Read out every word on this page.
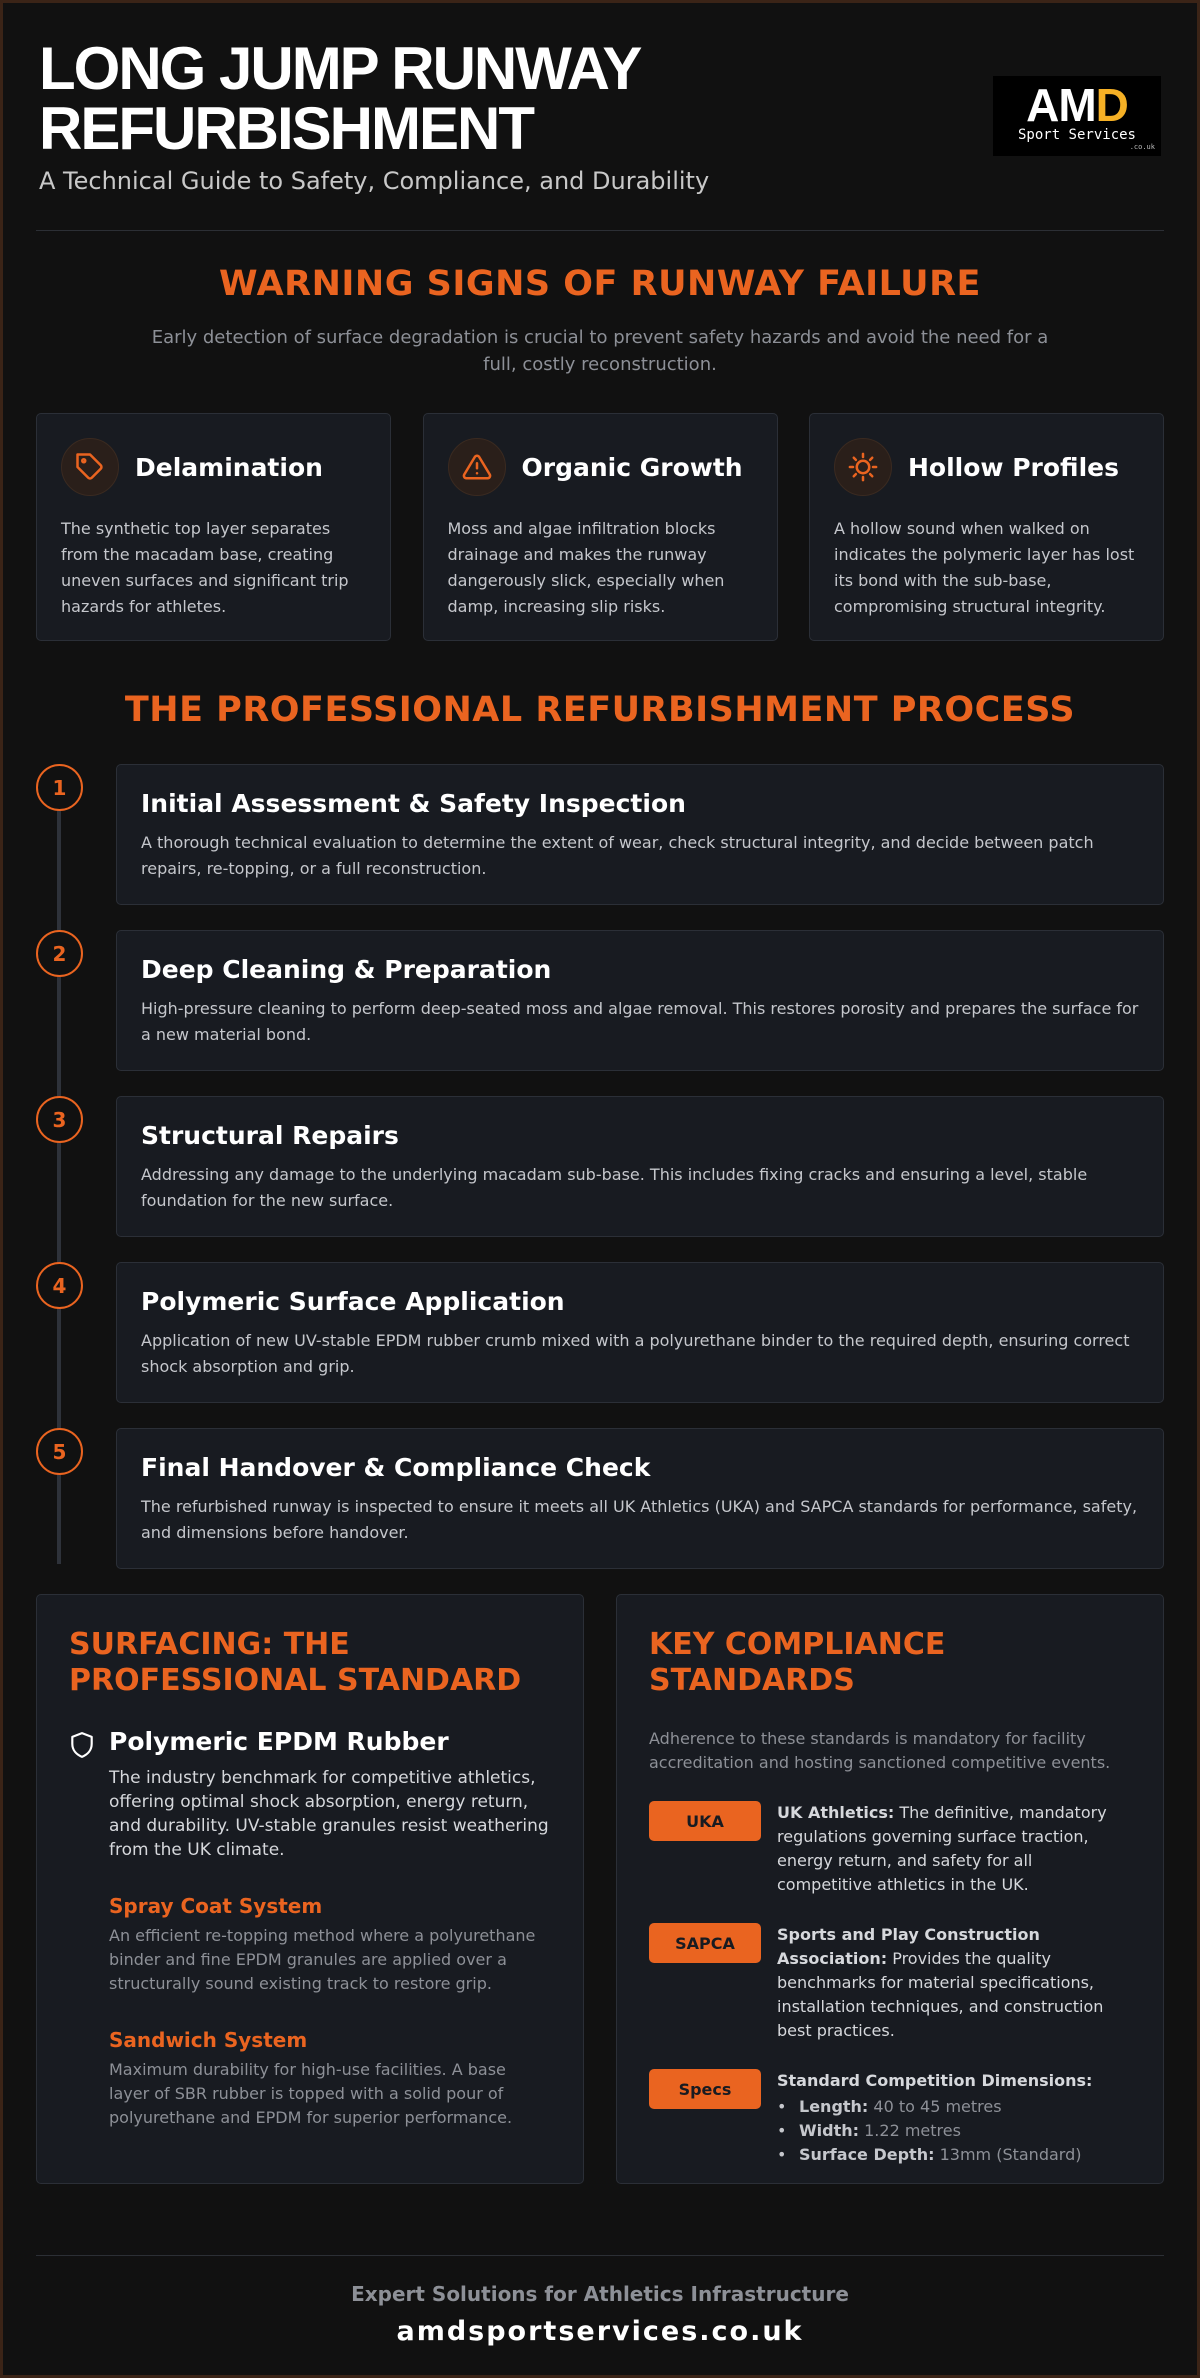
LONG JUMP RUNWAY REFURBISHMENT
A Technical Guide to Safety, Compliance, and Durability
AMD
Sport Services
.co.uk
WARNING SIGNS OF RUNWAY FAILURE

Early detection of surface degradation is crucial to prevent safety hazards and avoid the need for a full, costly reconstruction.

Delamination

The synthetic top layer separates from the macadam base, creating uneven surfaces and significant trip hazards for athletes.

Organic Growth

Moss and algae infiltration blocks drainage and makes the runway dangerously slick, especially when damp, increasing slip risks.

Hollow Profiles

A hollow sound when walked on indicates the polymeric layer has lost its bond with the sub-base, compromising structural integrity.

THE PROFESSIONAL REFURBISHMENT PROCESS
1
Initial Assessment & Safety Inspection

A thorough technical evaluation to determine the extent of wear, check structural integrity, and decide between patch repairs, re-topping, or a full reconstruction.

2
Deep Cleaning & Preparation

High-pressure cleaning to perform deep-seated moss and algae removal. This restores porosity and prepares the surface for a new material bond.

3
Structural Repairs

Addressing any damage to the underlying macadam sub-base. This includes fixing cracks and ensuring a level, stable foundation for the new surface.

4
Polymeric Surface Application

Application of new UV-stable EPDM rubber crumb mixed with a polyurethane binder to the required depth, ensuring correct shock absorption and grip.

5
Final Handover & Compliance Check

The refurbished runway is inspected to ensure it meets all UK Athletics (UKA) and SAPCA standards for performance, safety, and dimensions before handover.

SURFACING: THE PROFESSIONAL STANDARD
Polymeric EPDM Rubber

The industry benchmark for competitive athletics, offering optimal shock absorption, energy return, and durability. UV-stable granules resist weathering from the UK climate.

Spray Coat System

An efficient re-topping method where a polyurethane binder and fine EPDM granules are applied over a structurally sound existing track to restore grip.

Sandwich System

Maximum durability for high-use facilities. A base layer of SBR rubber is topped with a solid pour of polyurethane and EPDM for superior performance.

KEY COMPLIANCE STANDARDS

Adherence to these standards is mandatory for facility accreditation and hosting sanctioned competitive events.

UKA	UK Athletics: The definitive, mandatory regulations governing surface traction, energy return, and safety for all competitive athletics in the UK.
SAPCA	Sports and Play Construction Association: Provides the quality benchmarks for material specifications, installation techniques, and construction best practices.
Specs	Standard Competition Dimensions:
• Length: 40 to 45 metres
• Width: 1.22 metres
• Surface Depth: 13mm (Standard)
Expert Solutions for Athletics Infrastructure
amdsportservices.co.uk
